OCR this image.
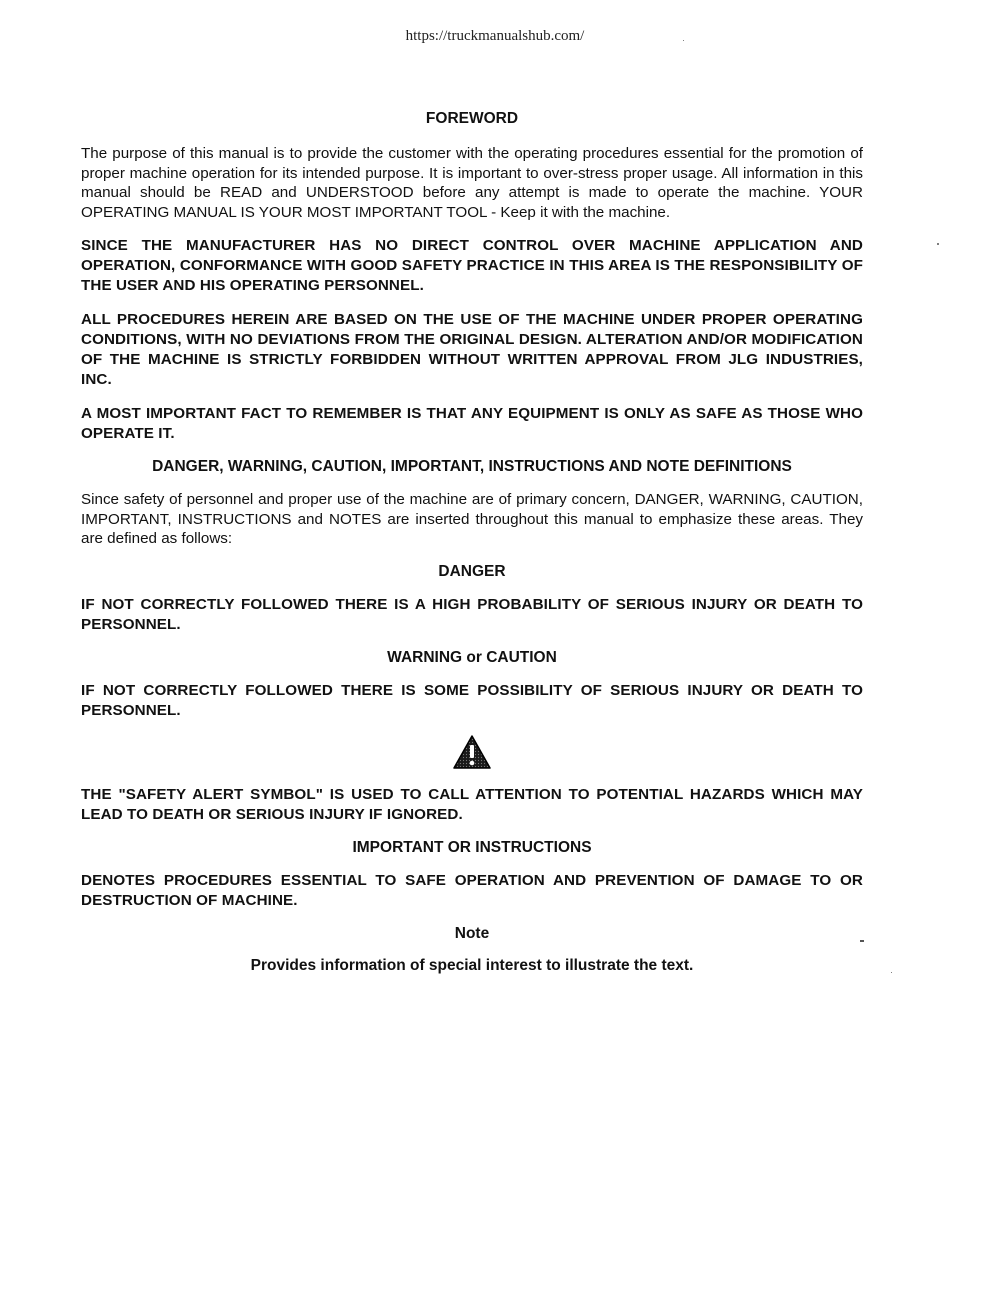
https://truckmanualshub.com/
FOREWORD

The purpose of this manual is to provide the customer with the operating procedures essential for the promotion of proper machine operation for its intended purpose. It is important to over-stress proper usage. All information in this manual should be READ and UNDERSTOOD before any attempt is made to operate the machine. YOUR OPERATING MANUAL IS YOUR MOST IMPORTANT TOOL - Keep it with the machine.

SINCE THE MANUFACTURER HAS NO DIRECT CONTROL OVER MACHINE APPLICATION AND OPERATION, CONFORMANCE WITH GOOD SAFETY PRACTICE IN THIS AREA IS THE RESPONSIBILITY OF THE USER AND HIS OPERATING PERSONNEL.

ALL PROCEDURES HEREIN ARE BASED ON THE USE OF THE MACHINE UNDER PROPER OPERATING CONDITIONS, WITH NO DEVIATIONS FROM THE ORIGINAL DESIGN. ALTERATION AND/OR MODIFICATION OF THE MACHINE IS STRICTLY FORBIDDEN WITHOUT WRITTEN APPROVAL FROM JLG INDUSTRIES, INC.

A MOST IMPORTANT FACT TO REMEMBER IS THAT ANY EQUIPMENT IS ONLY AS SAFE AS THOSE WHO OPERATE IT.

DANGER, WARNING, CAUTION, IMPORTANT, INSTRUCTIONS AND NOTE DEFINITIONS

Since safety of personnel and proper use of the machine are of primary concern, DANGER, WARNING, CAUTION, IMPORTANT, INSTRUCTIONS and NOTES are inserted throughout this manual to emphasize these areas. They are defined as follows:

DANGER

IF NOT CORRECTLY FOLLOWED THERE IS A HIGH PROBABILITY OF SERIOUS INJURY OR DEATH TO PERSONNEL.

WARNING or CAUTION

IF NOT CORRECTLY FOLLOWED THERE IS SOME POSSIBILITY OF SERIOUS INJURY OR DEATH TO PERSONNEL.

THE "SAFETY ALERT SYMBOL" IS USED TO CALL ATTENTION TO POTENTIAL HAZARDS WHICH MAY LEAD TO DEATH OR SERIOUS INJURY IF IGNORED.

IMPORTANT OR INSTRUCTIONS

DENOTES PROCEDURES ESSENTIAL TO SAFE OPERATION AND PREVENTION OF DAMAGE TO OR DESTRUCTION OF MACHINE.

Note

Provides information of special interest to illustrate the text.
